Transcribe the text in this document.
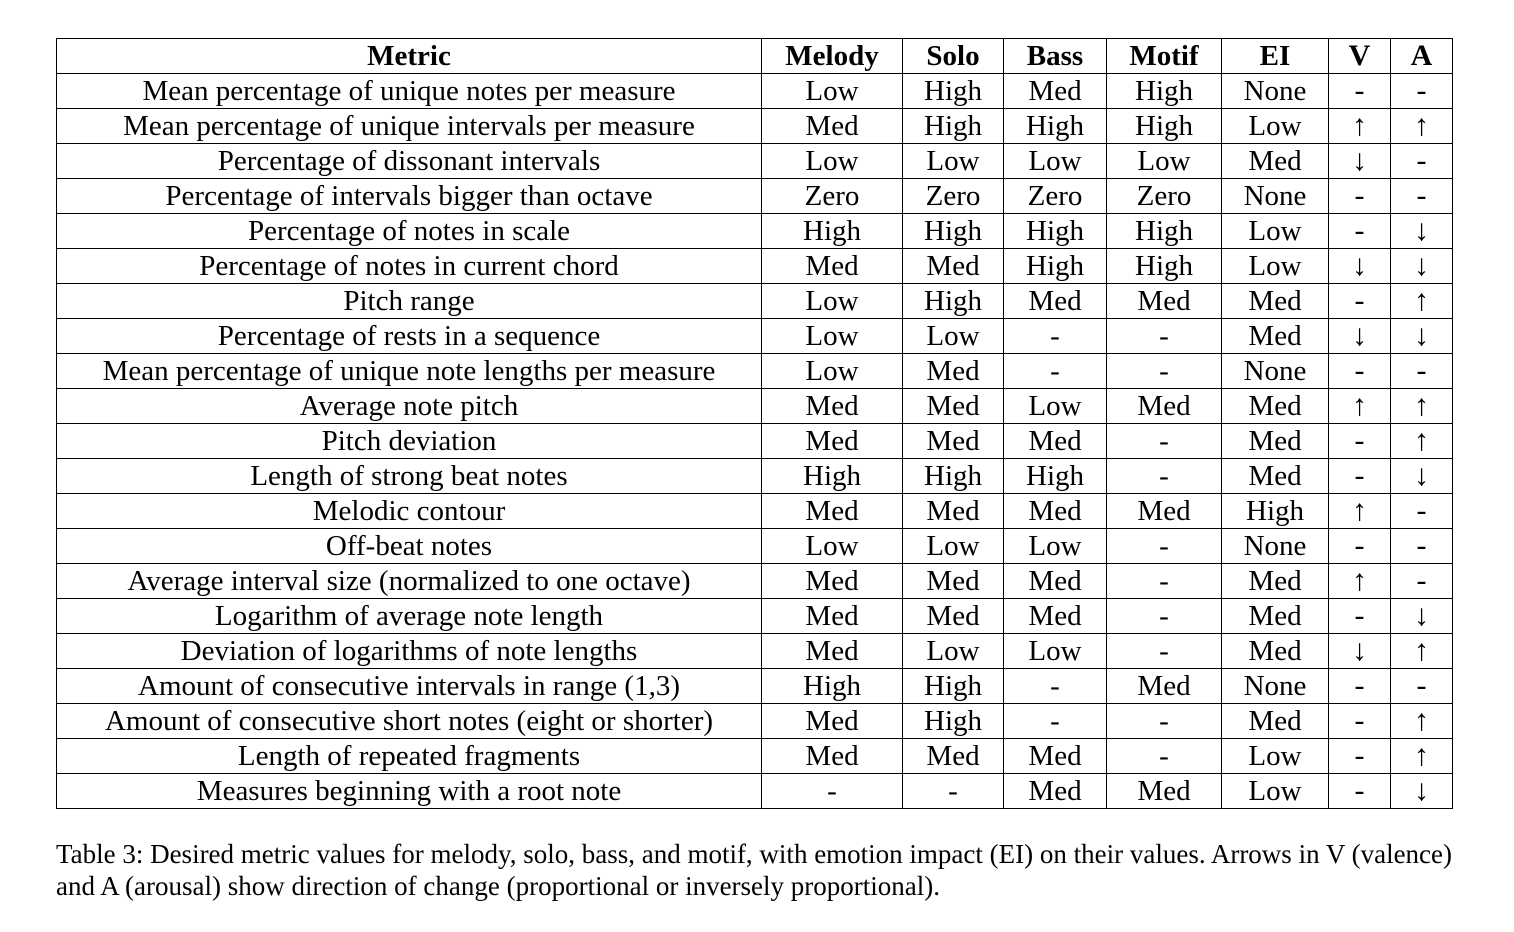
Metric	Melody	Solo	Bass	Motif	EI	V	A
Mean percentage of unique notes per measure	Low	High	Med	High	None	-	-
Mean percentage of unique intervals per measure	Med	High	High	High	Low	↑	↑
Percentage of dissonant intervals	Low	Low	Low	Low	Med	↓	-
Percentage of intervals bigger than octave	Zero	Zero	Zero	Zero	None	-	-
Percentage of notes in scale	High	High	High	High	Low	-	↓
Percentage of notes in current chord	Med	Med	High	High	Low	↓	↓
Pitch range	Low	High	Med	Med	Med	-	↑
Percentage of rests in a sequence	Low	Low	-	-	Med	↓	↓
Mean percentage of unique note lengths per measure	Low	Med	-	-	None	-	-
Average note pitch	Med	Med	Low	Med	Med	↑	↑
Pitch deviation	Med	Med	Med	-	Med	-	↑
Length of strong beat notes	High	High	High	-	Med	-	↓
Melodic contour	Med	Med	Med	Med	High	↑	-
Off-beat notes	Low	Low	Low	-	None	-	-
Average interval size (normalized to one octave)	Med	Med	Med	-	Med	↑	-
Logarithm of average note length	Med	Med	Med	-	Med	-	↓
Deviation of logarithms of note lengths	Med	Low	Low	-	Med	↓	↑
Amount of consecutive intervals in range (1,3)	High	High	-	Med	None	-	-
Amount of consecutive short notes (eight or shorter)	Med	High	-	-	Med	-	↑
Length of repeated fragments	Med	Med	Med	-	Low	-	↑
Measures beginning with a root note	-	-	Med	Med	Low	-	↓
Table 3: Desired metric values for melody, solo, bass, and motif, with emotion impact (EI) on their values. Arrows in V (valence) and A (arousal) show direction of change (proportional or inversely proportional).
